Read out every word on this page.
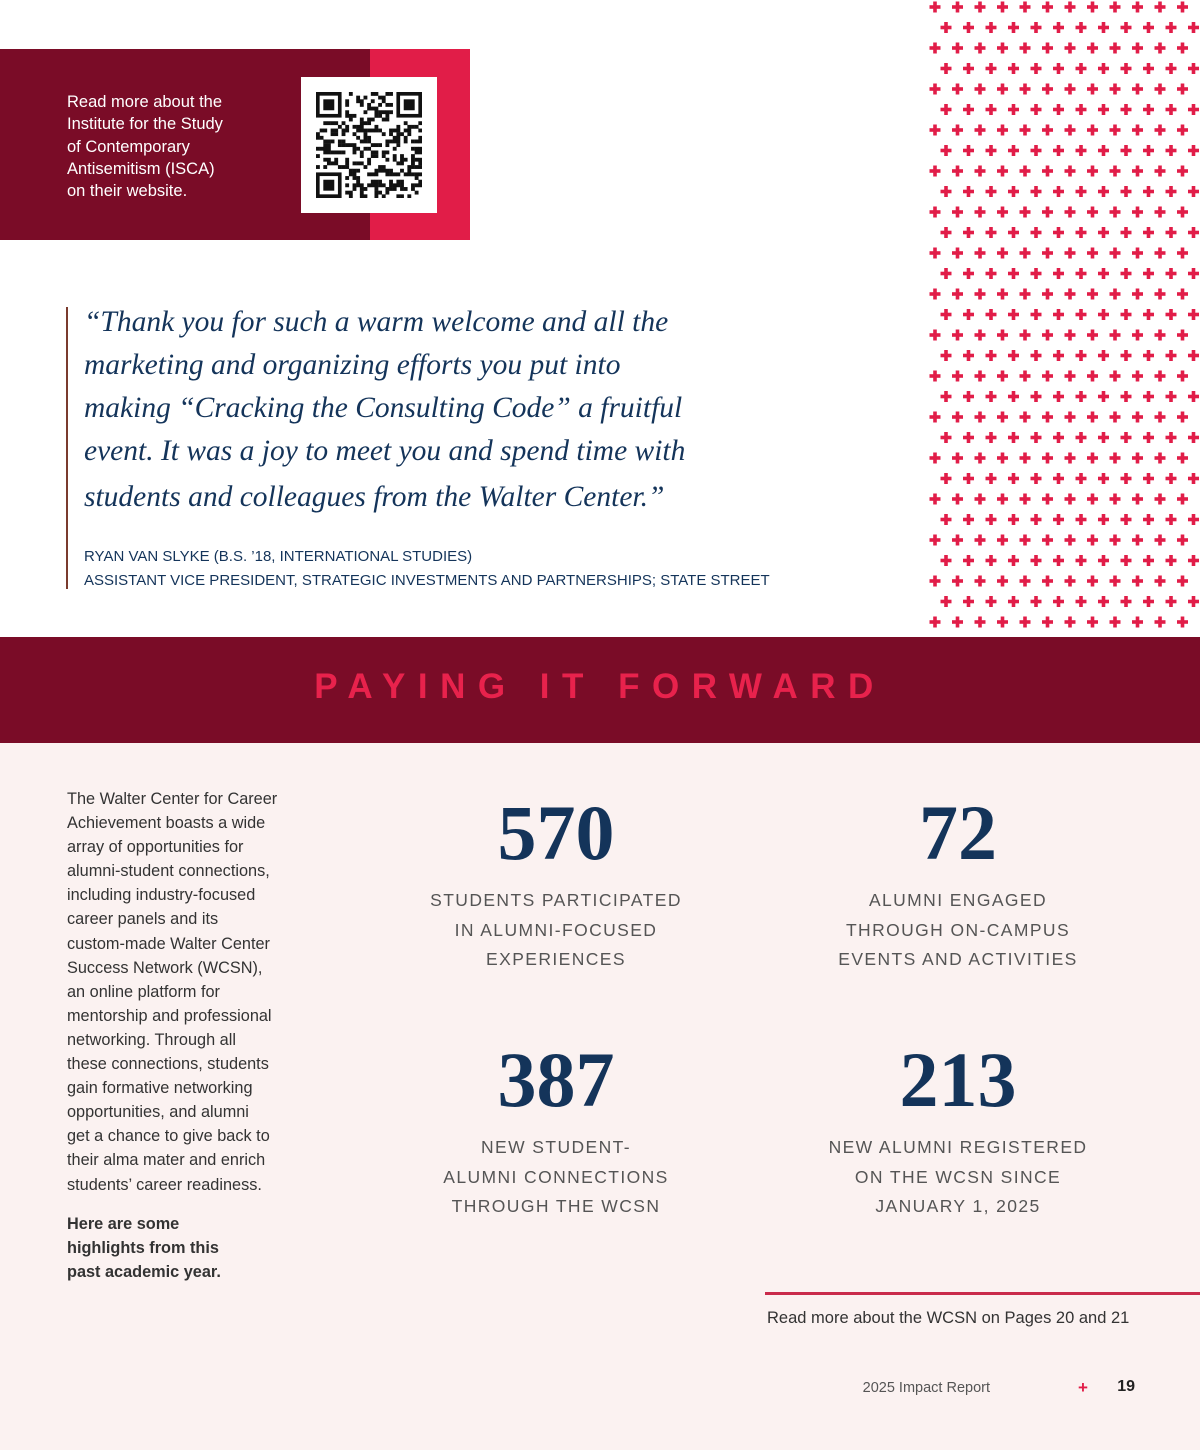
Read more about the
Institute for the Study
of Contemporary
Antisemitism (ISCA)
on their website.
“Thank you for such a warm welcome and all the
marketing and organizing efforts you put into
making “Cracking the Consulting Code” a fruitful
event. It was a joy to meet you and spend time with
students and colleagues from the Walter Center.”
RYAN VAN SLYKE (B.S. ’18, INTERNATIONAL STUDIES)
ASSISTANT VICE PRESIDENT, STRATEGIC INVESTMENTS AND PARTNERSHIPS; STATE STREET
PAYING IT FORWARD
The Walter Center for Career
Achievement boasts a wide
array of opportunities for
alumni-student connections,
including industry-focused
career panels and its
custom-made Walter Center
Success Network (WCSN),
an online platform for
mentorship and professional
networking. Through all
these connections, students
gain formative networking
opportunities, and alumni
get a chance to give back to
their alma mater and enrich
students’ career readiness.
Here are some
highlights from this
past academic year.
570
STUDENTS PARTICIPATED
IN ALUMNI-FOCUSED
EXPERIENCES
72
ALUMNI ENGAGED
THROUGH ON-CAMPUS
EVENTS AND ACTIVITIES
387
NEW STUDENT-
ALUMNI CONNECTIONS
THROUGH THE WCSN
213
NEW ALUMNI REGISTERED
ON THE WCSN SINCE
JANUARY 1, 2025
Read more about the WCSN on Pages 20 and 21
2025 Impact Report	+ 19
